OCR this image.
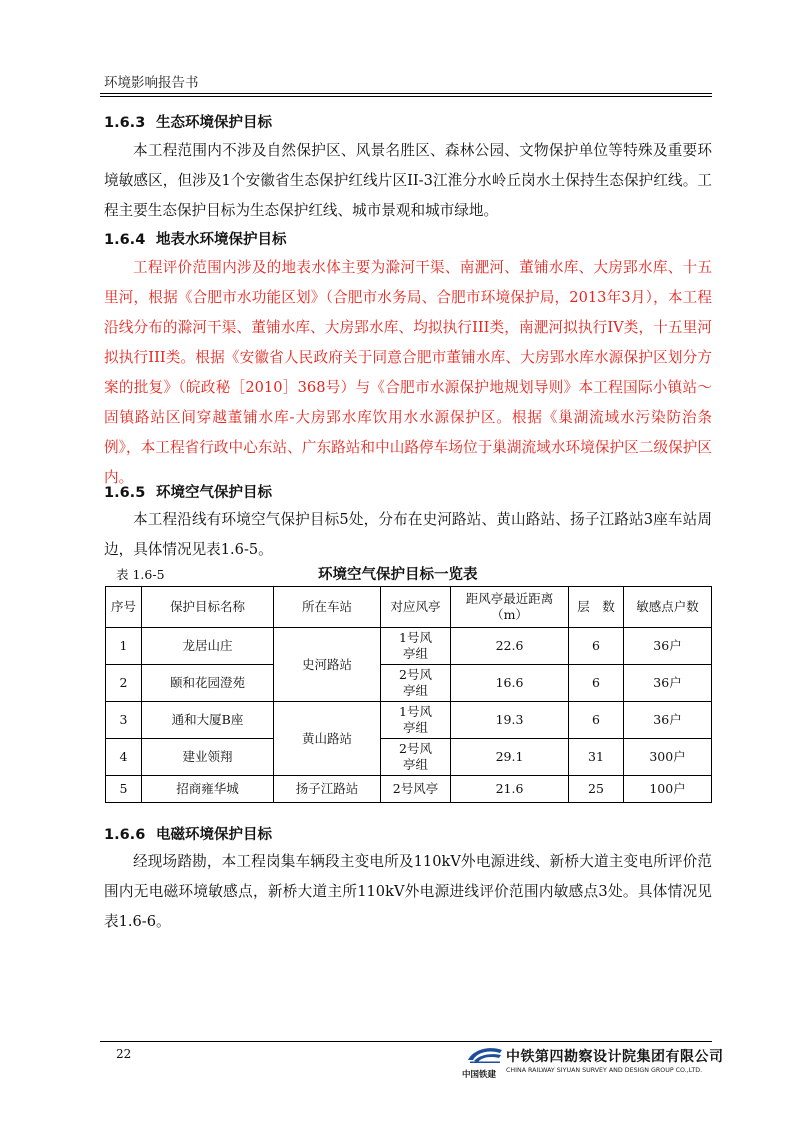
环境影响报告书
1.6.3 生态环境保护目标

本工程范围内不涉及自然保护区、风景名胜区、森林公园、文物保护单位等特殊及重要环境敏感区，但涉及1个安徽省生态保护红线片区II-3江淮分水岭丘岗水土保持生态保护红线。工程主要生态保护目标为生态保护红线、城市景观和城市绿地。

1.6.4 地表水环境保护目标

工程评价范围内涉及的地表水体主要为滁河干渠、南淝河、董铺水库、大房郢水库、十五里河，根据《合肥市水功能区划》（合肥市水务局、合肥市环境保护局，2013年3月），本工程沿线分布的滁河干渠、董铺水库、大房郢水库、均拟执行III类，南淝河拟执行IV类，十五里河拟执行III类。根据《安徽省人民政府关于同意合肥市董铺水库、大房郢水库水源保护区划分方案的批复》（皖政秘［2010］368号）与《合肥市水源保护地规划导则》本工程国际小镇站～固镇路站区间穿越董铺水库-大房郢水库饮用水水源保护区。根据《巢湖流域水污染防治条例》，本工程省行政中心东站、广东路站和中山路停车场位于巢湖流域水环境保护区二级保护区内。

1.6.5 环境空气保护目标

本工程沿线有环境空气保护目标5处，分布在史河路站、黄山路站、扬子江路站3座车站周边，具体情况见表1.6-5。

表 1.6-5	环境空气保护目标一览表
序号	保护目标名称	所在车站	对应风亭	距风亭最近距离（m）	层　数	敏感点户数
1	龙居山庄	史河路站	1号风亭组	22.6	6	36户
2	颐和花园澄苑		2号风亭组	16.6	6	36户
3	通和大厦B座	黄山路站	1号风亭组	19.3	6	36户
4	建业领翔		2号风亭组	29.1	31	300户
5	招商雍华城	扬子江路站	2号风亭	21.6	25	100户
1.6.6 电磁环境保护目标

经现场踏勘，本工程岗集车辆段主变电所及110kV外电源进线、新桥大道主变电所评价范围内无电磁环境敏感点，新桥大道主所110kV外电源进线评价范围内敏感点3处。具体情况见表1.6-6。

22
中国铁建
中铁第四勘察设计院集团有限公司
CHINA RAILWAY SIYUAN SURVEY AND DESIGN GROUP CO.,LTD.
